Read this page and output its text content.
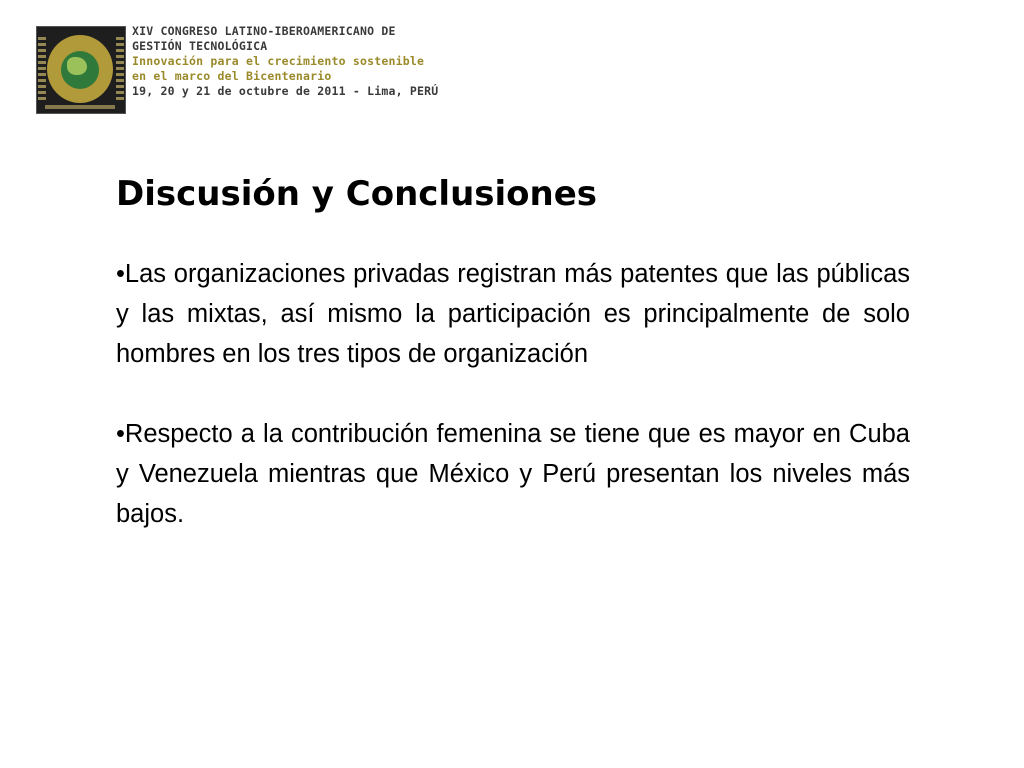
XIV CONGRESO LATINO-IBEROAMERICANO DE
GESTIÓN TECNOLÓGICA
Innovación para el crecimiento sostenible
en el marco del Bicentenario
19, 20 y 21 de octubre de 2011 - Lima, PERÚ
Discusión y Conclusiones

•Las organizaciones privadas registran más patentes que las públicas y las mixtas, así mismo la participación es principalmente de solo hombres en los tres tipos de organización

•Respecto a la contribución femenina se tiene que es mayor en Cuba y Venezuela mientras que México y Perú presentan los niveles más bajos.
